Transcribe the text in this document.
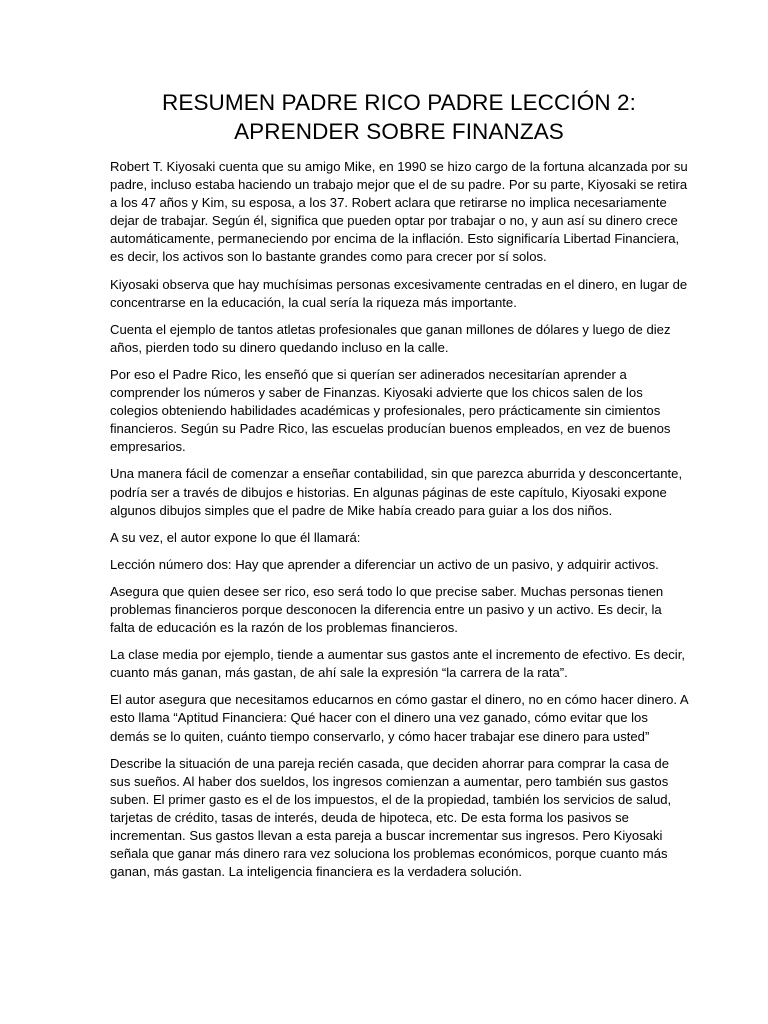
RESUMEN PADRE RICO PADRE LECCIÓN 2:
APRENDER SOBRE FINANZAS

Robert T. Kiyosaki cuenta que su amigo Mike, en 1990 se hizo cargo de la fortuna alcanzada por su padre, incluso estaba haciendo un trabajo mejor que el de su padre. Por su parte, Kiyosaki se retira a los 47 años y Kim, su esposa, a los 37. Robert aclara que retirarse no implica necesariamente dejar de trabajar. Según él, significa que pueden optar por trabajar o no, y aun así su dinero crece automáticamente, permaneciendo por encima de la inflación. Esto significaría Libertad Financiera, es decir, los activos son lo bastante grandes como para crecer por sí solos.

Kiyosaki observa que hay muchísimas personas excesivamente centradas en el dinero, en lugar de concentrarse en la educación, la cual sería la riqueza más importante.

Cuenta el ejemplo de tantos atletas profesionales que ganan millones de dólares y luego de diez años, pierden todo su dinero quedando incluso en la calle.

Por eso el Padre Rico, les enseñó que si querían ser adinerados necesitarían aprender a comprender los números y saber de Finanzas. Kiyosaki advierte que los chicos salen de los colegios obteniendo habilidades académicas y profesionales, pero prácticamente sin cimientos financieros. Según su Padre Rico, las escuelas producían buenos empleados, en vez de buenos empresarios.

Una manera fácil de comenzar a enseñar contabilidad, sin que parezca aburrida y desconcertante, podría ser a través de dibujos e historias. En algunas páginas de este capítulo, Kiyosaki expone algunos dibujos simples que el padre de Mike había creado para guiar a los dos niños.

A su vez, el autor expone lo que él llamará:

Lección número dos: Hay que aprender a diferenciar un activo de un pasivo, y adquirir activos.

Asegura que quien desee ser rico, eso será todo lo que precise saber. Muchas personas tienen problemas financieros porque desconocen la diferencia entre un pasivo y un activo. Es decir, la falta de educación es la razón de los problemas financieros.

La clase media por ejemplo, tiende a aumentar sus gastos ante el incremento de efectivo. Es decir, cuanto más ganan, más gastan, de ahí sale la expresión “la carrera de la rata”.

El autor asegura que necesitamos educarnos en cómo gastar el dinero, no en cómo hacer dinero. A esto llama “Aptitud Financiera: Qué hacer con el dinero una vez ganado, cómo evitar que los demás se lo quiten, cuánto tiempo conservarlo, y cómo hacer trabajar ese dinero para usted”

Describe la situación de una pareja recién casada, que deciden ahorrar para comprar la casa de sus sueños. Al haber dos sueldos, los ingresos comienzan a aumentar, pero también sus gastos suben. El primer gasto es el de los impuestos, el de la propiedad, también los servicios de salud, tarjetas de crédito, tasas de interés, deuda de hipoteca, etc. De esta forma los pasivos se incrementan. Sus gastos llevan a esta pareja a buscar incrementar sus ingresos. Pero Kiyosaki señala que ganar más dinero rara vez soluciona los problemas económicos, porque cuanto más ganan, más gastan. La inteligencia financiera es la verdadera solución.
